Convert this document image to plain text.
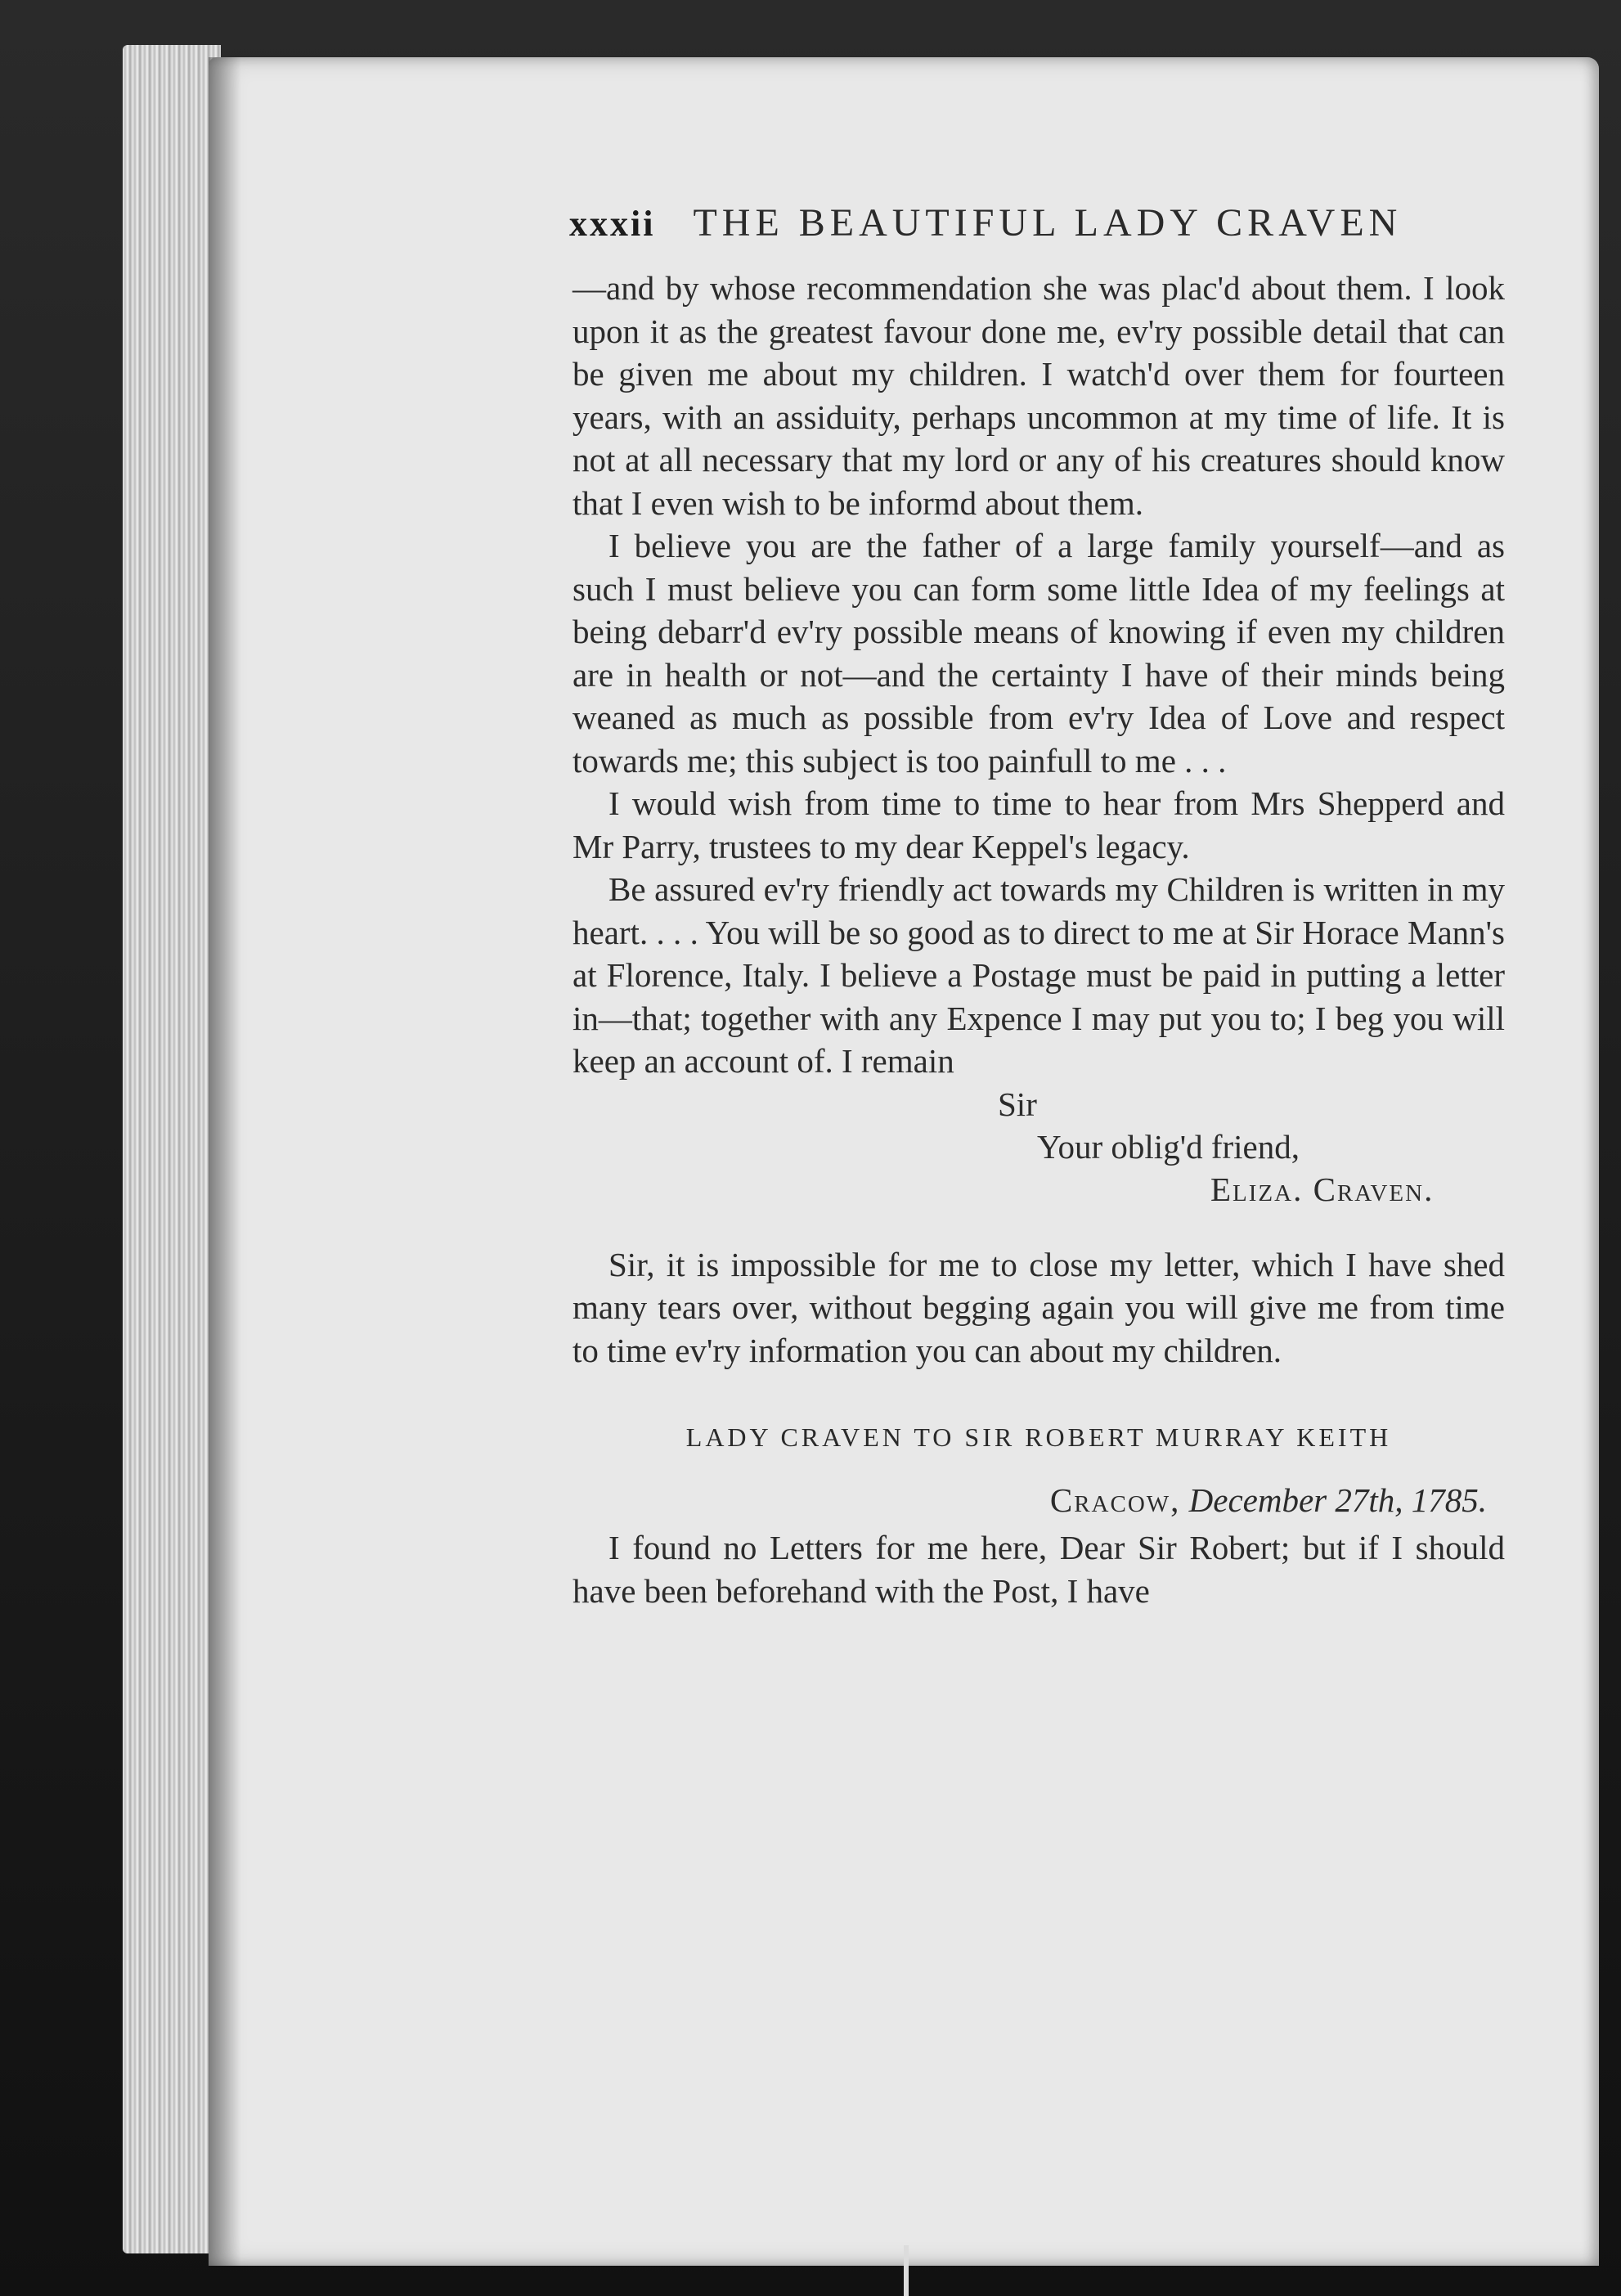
xxxii THE BEAUTIFUL LADY CRAVEN

—and by whose recommendation she was plac'd about them. I look upon it as the greatest favour done me, ev'ry possible detail that can be given me about my children. I watch'd over them for fourteen years, with an assiduity, perhaps uncommon at my time of life. It is not at all necessary that my lord or any of his creatures should know that I even wish to be informd about them.

I believe you are the father of a large family yourself—and as such I must believe you can form some little Idea of my feelings at being debarr'd ev'ry possible means of knowing if even my children are in health or not—and the certainty I have of their minds being weaned as much as possible from ev'ry Idea of Love and respect towards me; this subject is too painfull to me . . .

I would wish from time to time to hear from Mrs Shepperd and Mr Parry, trustees to my dear Keppel's legacy.

Be assured ev'ry friendly act towards my Children is written in my heart. . . . You will be so good as to direct to me at Sir Horace Mann's at Florence, Italy. I believe a Postage must be paid in putting a letter in—that; together with any Expence I may put you to; I beg you will keep an account of. I remain

Sir
Your oblig'd friend,
Eliza. Craven.

Sir, it is impossible for me to close my letter, which I have shed many tears over, without begging again you will give me from time to time ev'ry information you can about my children.

LADY CRAVEN TO SIR ROBERT MURRAY KEITH
Cracow, December 27th, 1785.

I found no Letters for me here, Dear Sir Robert; but if I should have been beforehand with the Post, I have
